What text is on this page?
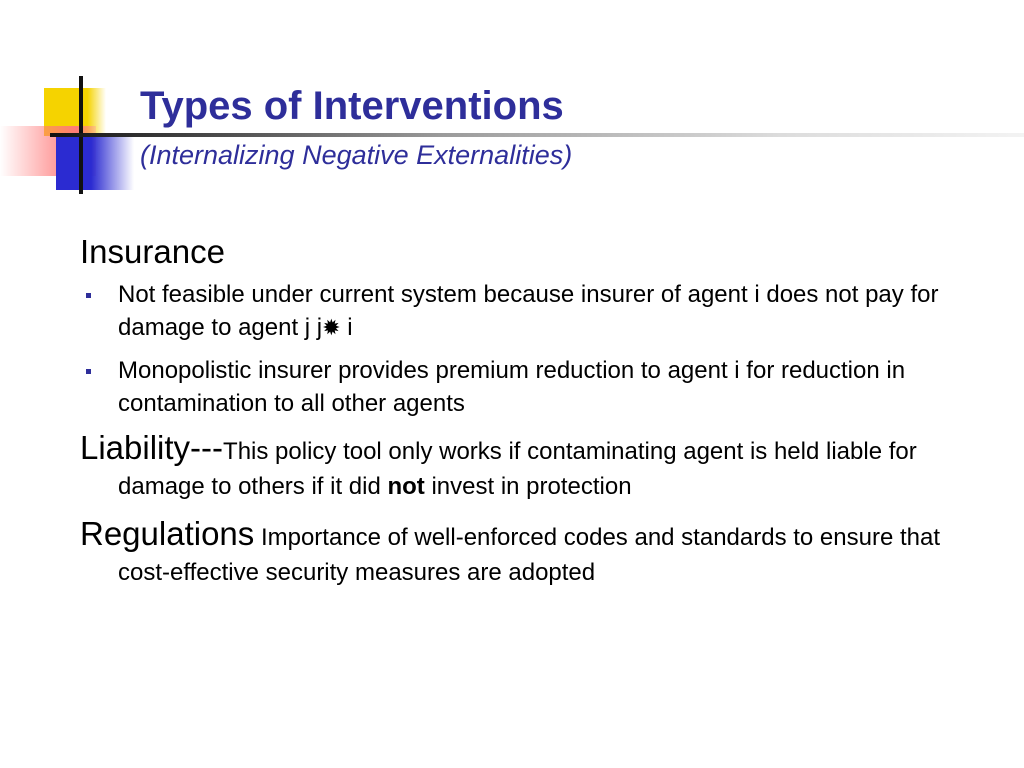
Types of Interventions
(Internalizing Negative Externalities)
Insurance
Not feasible under current system because insurer of agent i does not pay for damage to agent j j✹ i
Monopolistic insurer provides premium reduction to agent i for reduction in contamination to all other agents

Liability---This policy tool only works if contaminating agent is held liable for damage to others if it did not invest in protection

Regulations Importance of well-enforced codes and standards to ensure that cost-effective security measures are adopted
